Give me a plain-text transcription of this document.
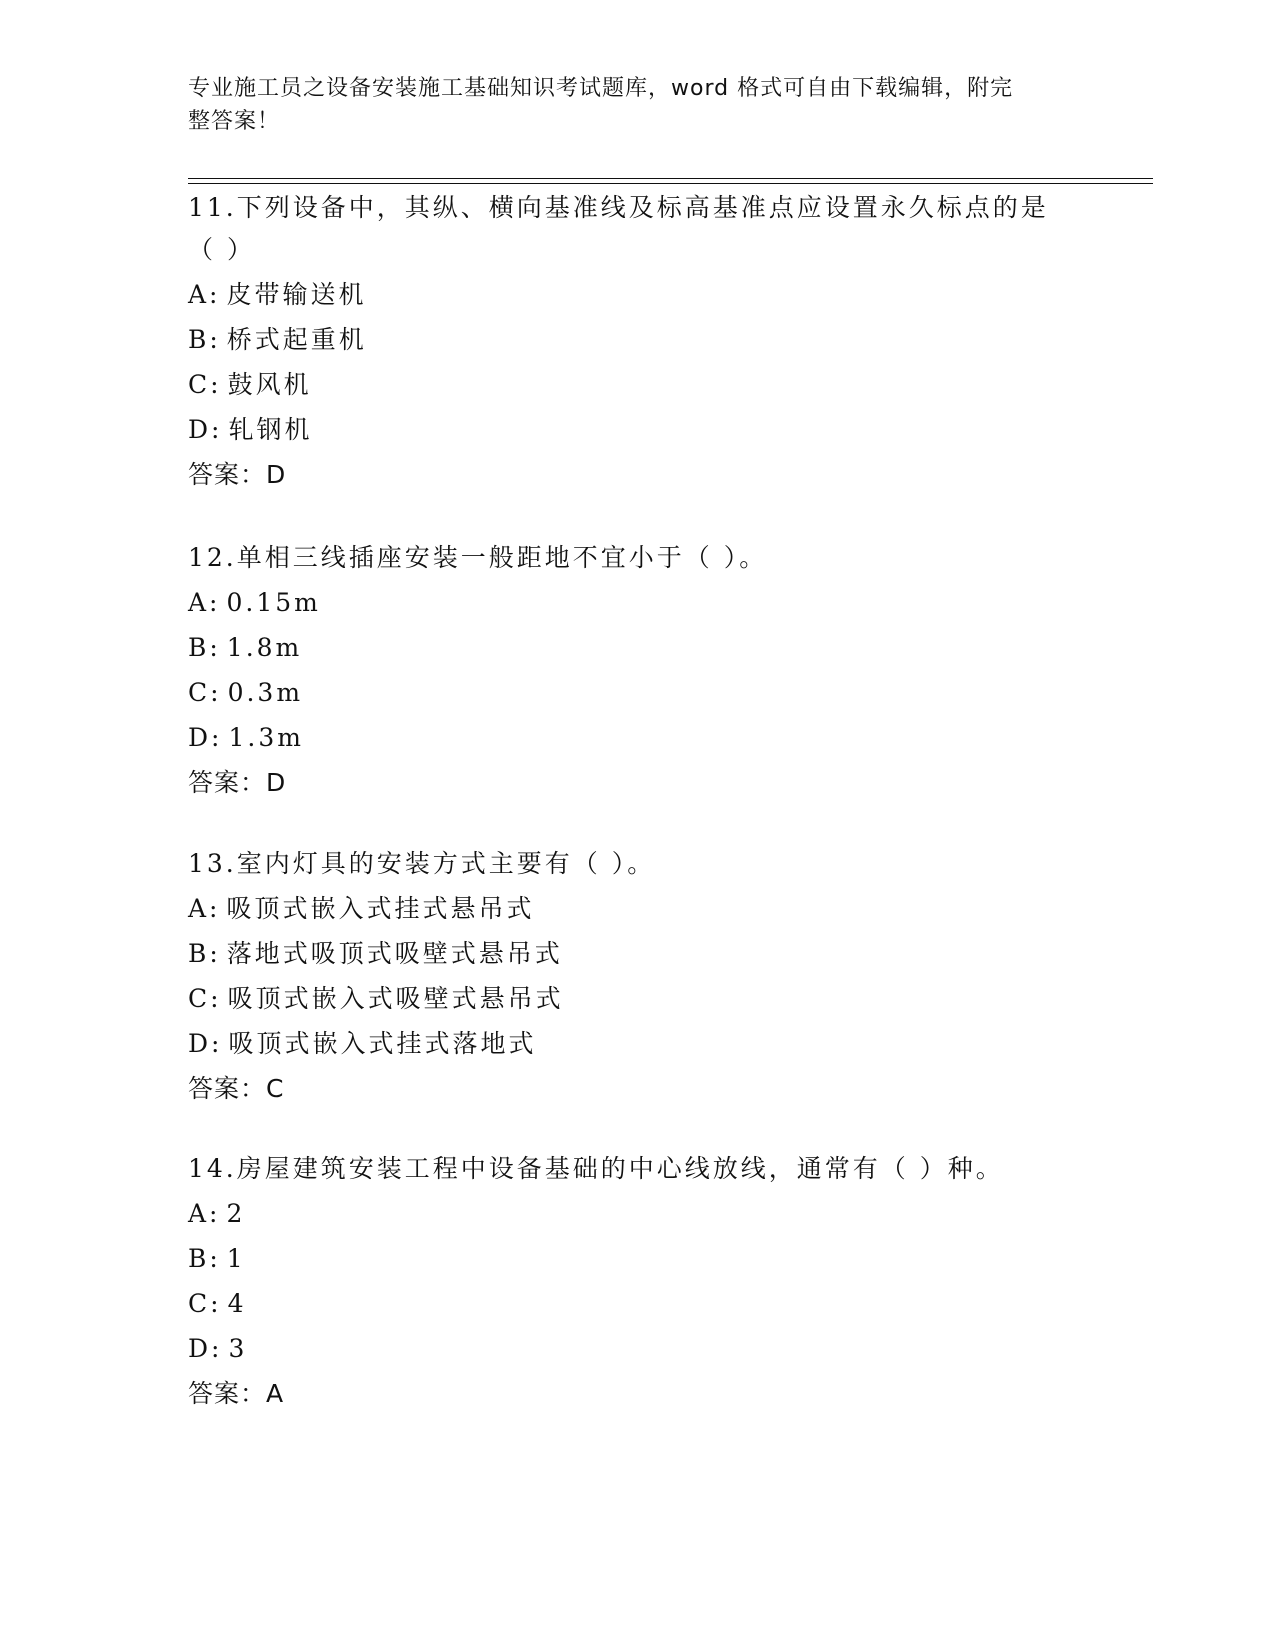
专业施工员之设备安装施工基础知识考试题库，word 格式可自由下载编辑，附完
整答案！
11.下列设备中，其纵、横向基准线及标高基准点应设置永久标点的是
（ ）
A: 皮带输送机
B: 桥式起重机
C: 鼓风机
D: 轧钢机
答案：D
12.单相三线插座安装一般距地不宜小于（ ）。
A: 0.15m
B: 1.8m
C: 0.3m
D: 1.3m
答案：D
13.室内灯具的安装方式主要有（ ）。
A: 吸顶式嵌入式挂式悬吊式
B: 落地式吸顶式吸壁式悬吊式
C: 吸顶式嵌入式吸壁式悬吊式
D: 吸顶式嵌入式挂式落地式
答案：C
14.房屋建筑安装工程中设备基础的中心线放线，通常有（ ）种。
A: 2
B: 1
C: 4
D: 3
答案：A
